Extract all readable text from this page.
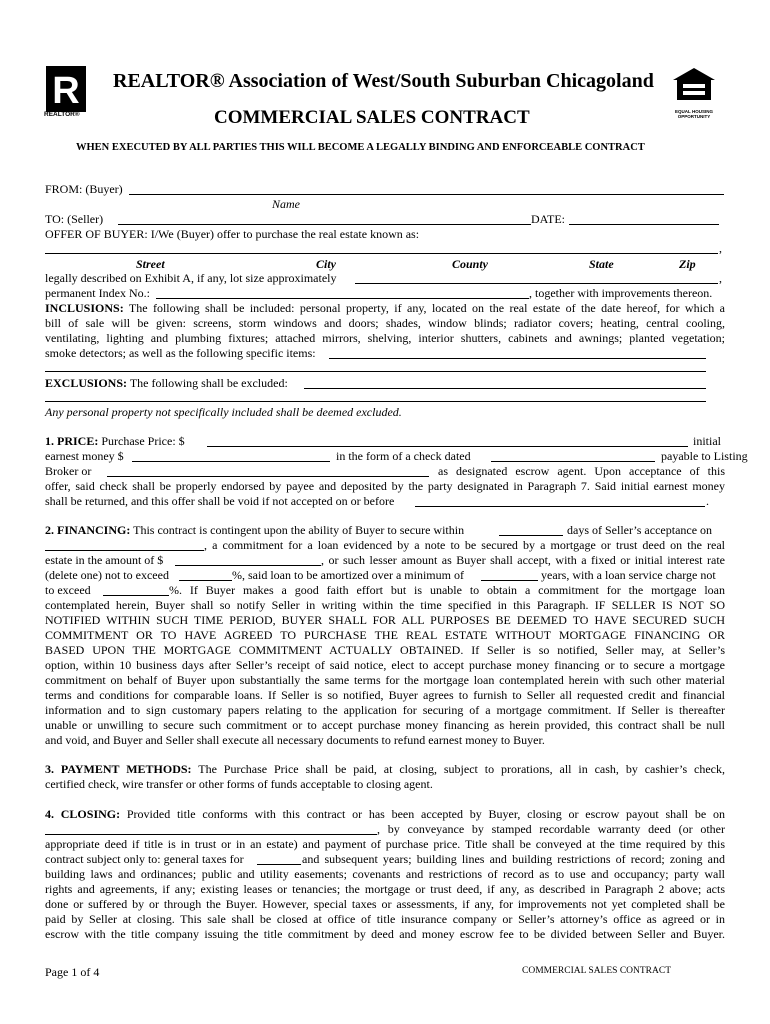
R
REALTOR®
REALTOR® Association of West/South Suburban Chicagoland
COMMERCIAL SALES CONTRACT	EQUAL HOUSING
OPPORTUNITY
WHEN EXECUTED BY ALL PARTIES THIS WILL BECOME A LEGALLY BINDING AND ENFORCEABLE CONTRACT
FROM: (Buyer)
Name
TO: (Seller)	DATE:
OFFER OF BUYER: I/We (Buyer) offer to purchase the real estate known as:
,
Street	City	County	State	Zip
legally described on Exhibit A, if any, lot size approximately	,
permanent Index No.:	, together with improvements thereon.
INCLUSIONS: The following shall be included: personal property, if any, located on the real estate of the date hereof, for which a
bill of sale will be given: screens, storm windows and doors; shades, window blinds; radiator covers; heating, central cooling,
ventilating, lighting and plumbing fixtures; attached mirrors, shelving, interior shutters, cabinets and awnings; planted vegetation;
smoke detectors; as well as the following specific items:
EXCLUSIONS: The following shall be excluded:
Any personal property not specifically included shall be deemed excluded.
1. PRICE: Purchase Price: $	initial
earnest money $	in the form of a check dated	payable to Listing
Broker or	as designated escrow agent. Upon acceptance of this
offer, said check shall be properly endorsed by payee and deposited by the party designated in Paragraph 7. Said initial earnest money
shall be returned, and this offer shall be void if not accepted on or before	.
2. FINANCING: This contract is contingent upon the ability of Buyer to secure within	days of Seller’s acceptance on
, a commitment for a loan evidenced by a note to be secured by a mortgage or trust deed on the real
estate in the amount of $	, or such lesser amount as Buyer shall accept, with a fixed or initial interest rate
(delete one) not to exceed	%, said loan to be amortized over a minimum of	years, with a loan service charge not
to exceed	%. If Buyer makes a good faith effort but is unable to obtain a commitment for the mortgage loan
contemplated herein, Buyer shall so notify Seller in writing within the time specified in this Paragraph. IF SELLER IS NOT SO
NOTIFIED WITHIN SUCH TIME PERIOD, BUYER SHALL FOR ALL PURPOSES BE DEEMED TO HAVE SECURED SUCH
COMMITMENT OR TO HAVE AGREED TO PURCHASE THE REAL ESTATE WITHOUT MORTGAGE FINANCING OR
BASED UPON THE MORTGAGE COMMITMENT ACTUALLY OBTAINED. If Seller is so notified, Seller may, at Seller’s
option, within 10 business days after Seller’s receipt of said notice, elect to accept purchase money financing or to secure a mortgage
commitment on behalf of Buyer upon substantially the same terms for the mortgage loan contemplated herein with such other material
terms and conditions for comparable loans. If Seller is so notified, Buyer agrees to furnish to Seller all requested credit and financial
information and to sign customary papers relating to the application for securing of a mortgage commitment. If Seller is thereafter
unable or unwilling to secure such commitment or to accept purchase money financing as herein provided, this contract shall be null
and void, and Buyer and Seller shall execute all necessary documents to refund earnest money to Buyer.
3. PAYMENT METHODS: The Purchase Price shall be paid, at closing, subject to prorations, all in cash, by cashier’s check,
certified check, wire transfer or other forms of funds acceptable to closing agent.
4. CLOSING: Provided title conforms with this contract or has been accepted by Buyer, closing or escrow payout shall be on
, by conveyance by stamped recordable warranty deed (or other
appropriate deed if title is in trust or in an estate) and payment of purchase price. Title shall be conveyed at the time required by this
contract subject only to: general taxes for	and subsequent years; building lines and building restrictions of record; zoning and
building laws and ordinances; public and utility easements; covenants and restrictions of record as to use and occupancy; party wall
rights and agreements, if any; existing leases or tenancies; the mortgage or trust deed, if any, as described in Paragraph 2 above; acts
done or suffered by or through the Buyer. However, special taxes or assessments, if any, for improvements not yet completed shall be
paid by Seller at closing. This sale shall be closed at office of title insurance company or Seller’s attorney’s office as agreed or in
escrow with the title company issuing the title commitment by deed and money escrow fee to be divided between Seller and Buyer.
Page 1 of 4	COMMERCIAL SALES CONTRACT
